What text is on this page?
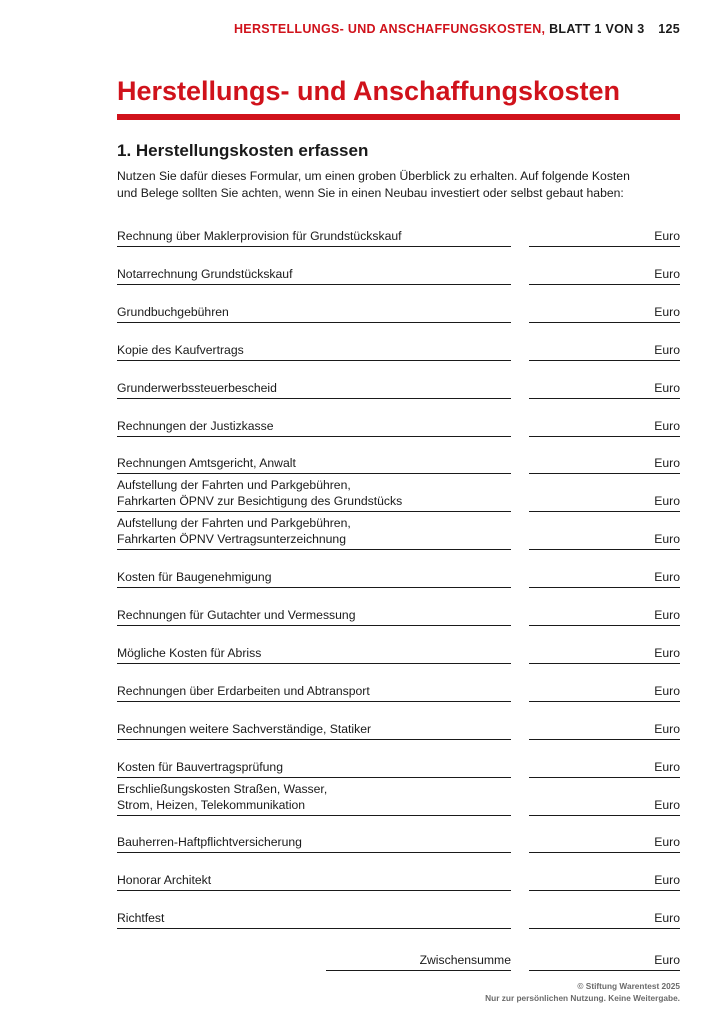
HERSTELLUNGS- UND ANSCHAFFUNGSKOSTEN, BLATT 1 VON 3 125
Herstellungs- und Anschaffungskosten
1. Herstellungskosten erfassen
Nutzen Sie dafür dieses Formular, um einen groben Überblick zu erhalten. Auf folgende Kosten
und Belege sollten Sie achten, wenn Sie in einen Neubau investiert oder selbst gebaut haben:
Rechnung über Maklerprovision für Grundstückskauf	Euro
Notarrechnung Grundstückskauf	Euro
Grundbuchgebühren	Euro
Kopie des Kaufvertrags	Euro
Grunderwerbssteuerbescheid	Euro
Rechnungen der Justizkasse	Euro
Rechnungen Amtsgericht, Anwalt	Euro
Aufstellung der Fahrten und Parkgebühren,
Fahrkarten ÖPNV zur Besichtigung des Grundstücks	Euro
Aufstellung der Fahrten und Parkgebühren,
Fahrkarten ÖPNV Vertragsunterzeichnung	Euro
Kosten für Baugenehmigung	Euro
Rechnungen für Gutachter und Vermessung	Euro
Mögliche Kosten für Abriss	Euro
Rechnungen über Erdarbeiten und Abtransport	Euro
Rechnungen weitere Sachverständige, Statiker	Euro
Kosten für Bauvertragsprüfung	Euro
Erschließungskosten Straßen, Wasser,
Strom, Heizen, Telekommunikation	Euro
Bauherren-Haftpflichtversicherung	Euro
Honorar Architekt	Euro
Richtfest	Euro
Zwischensumme	Euro
© Stiftung Warentest 2025
Nur zur persönlichen Nutzung. Keine Weitergabe.
